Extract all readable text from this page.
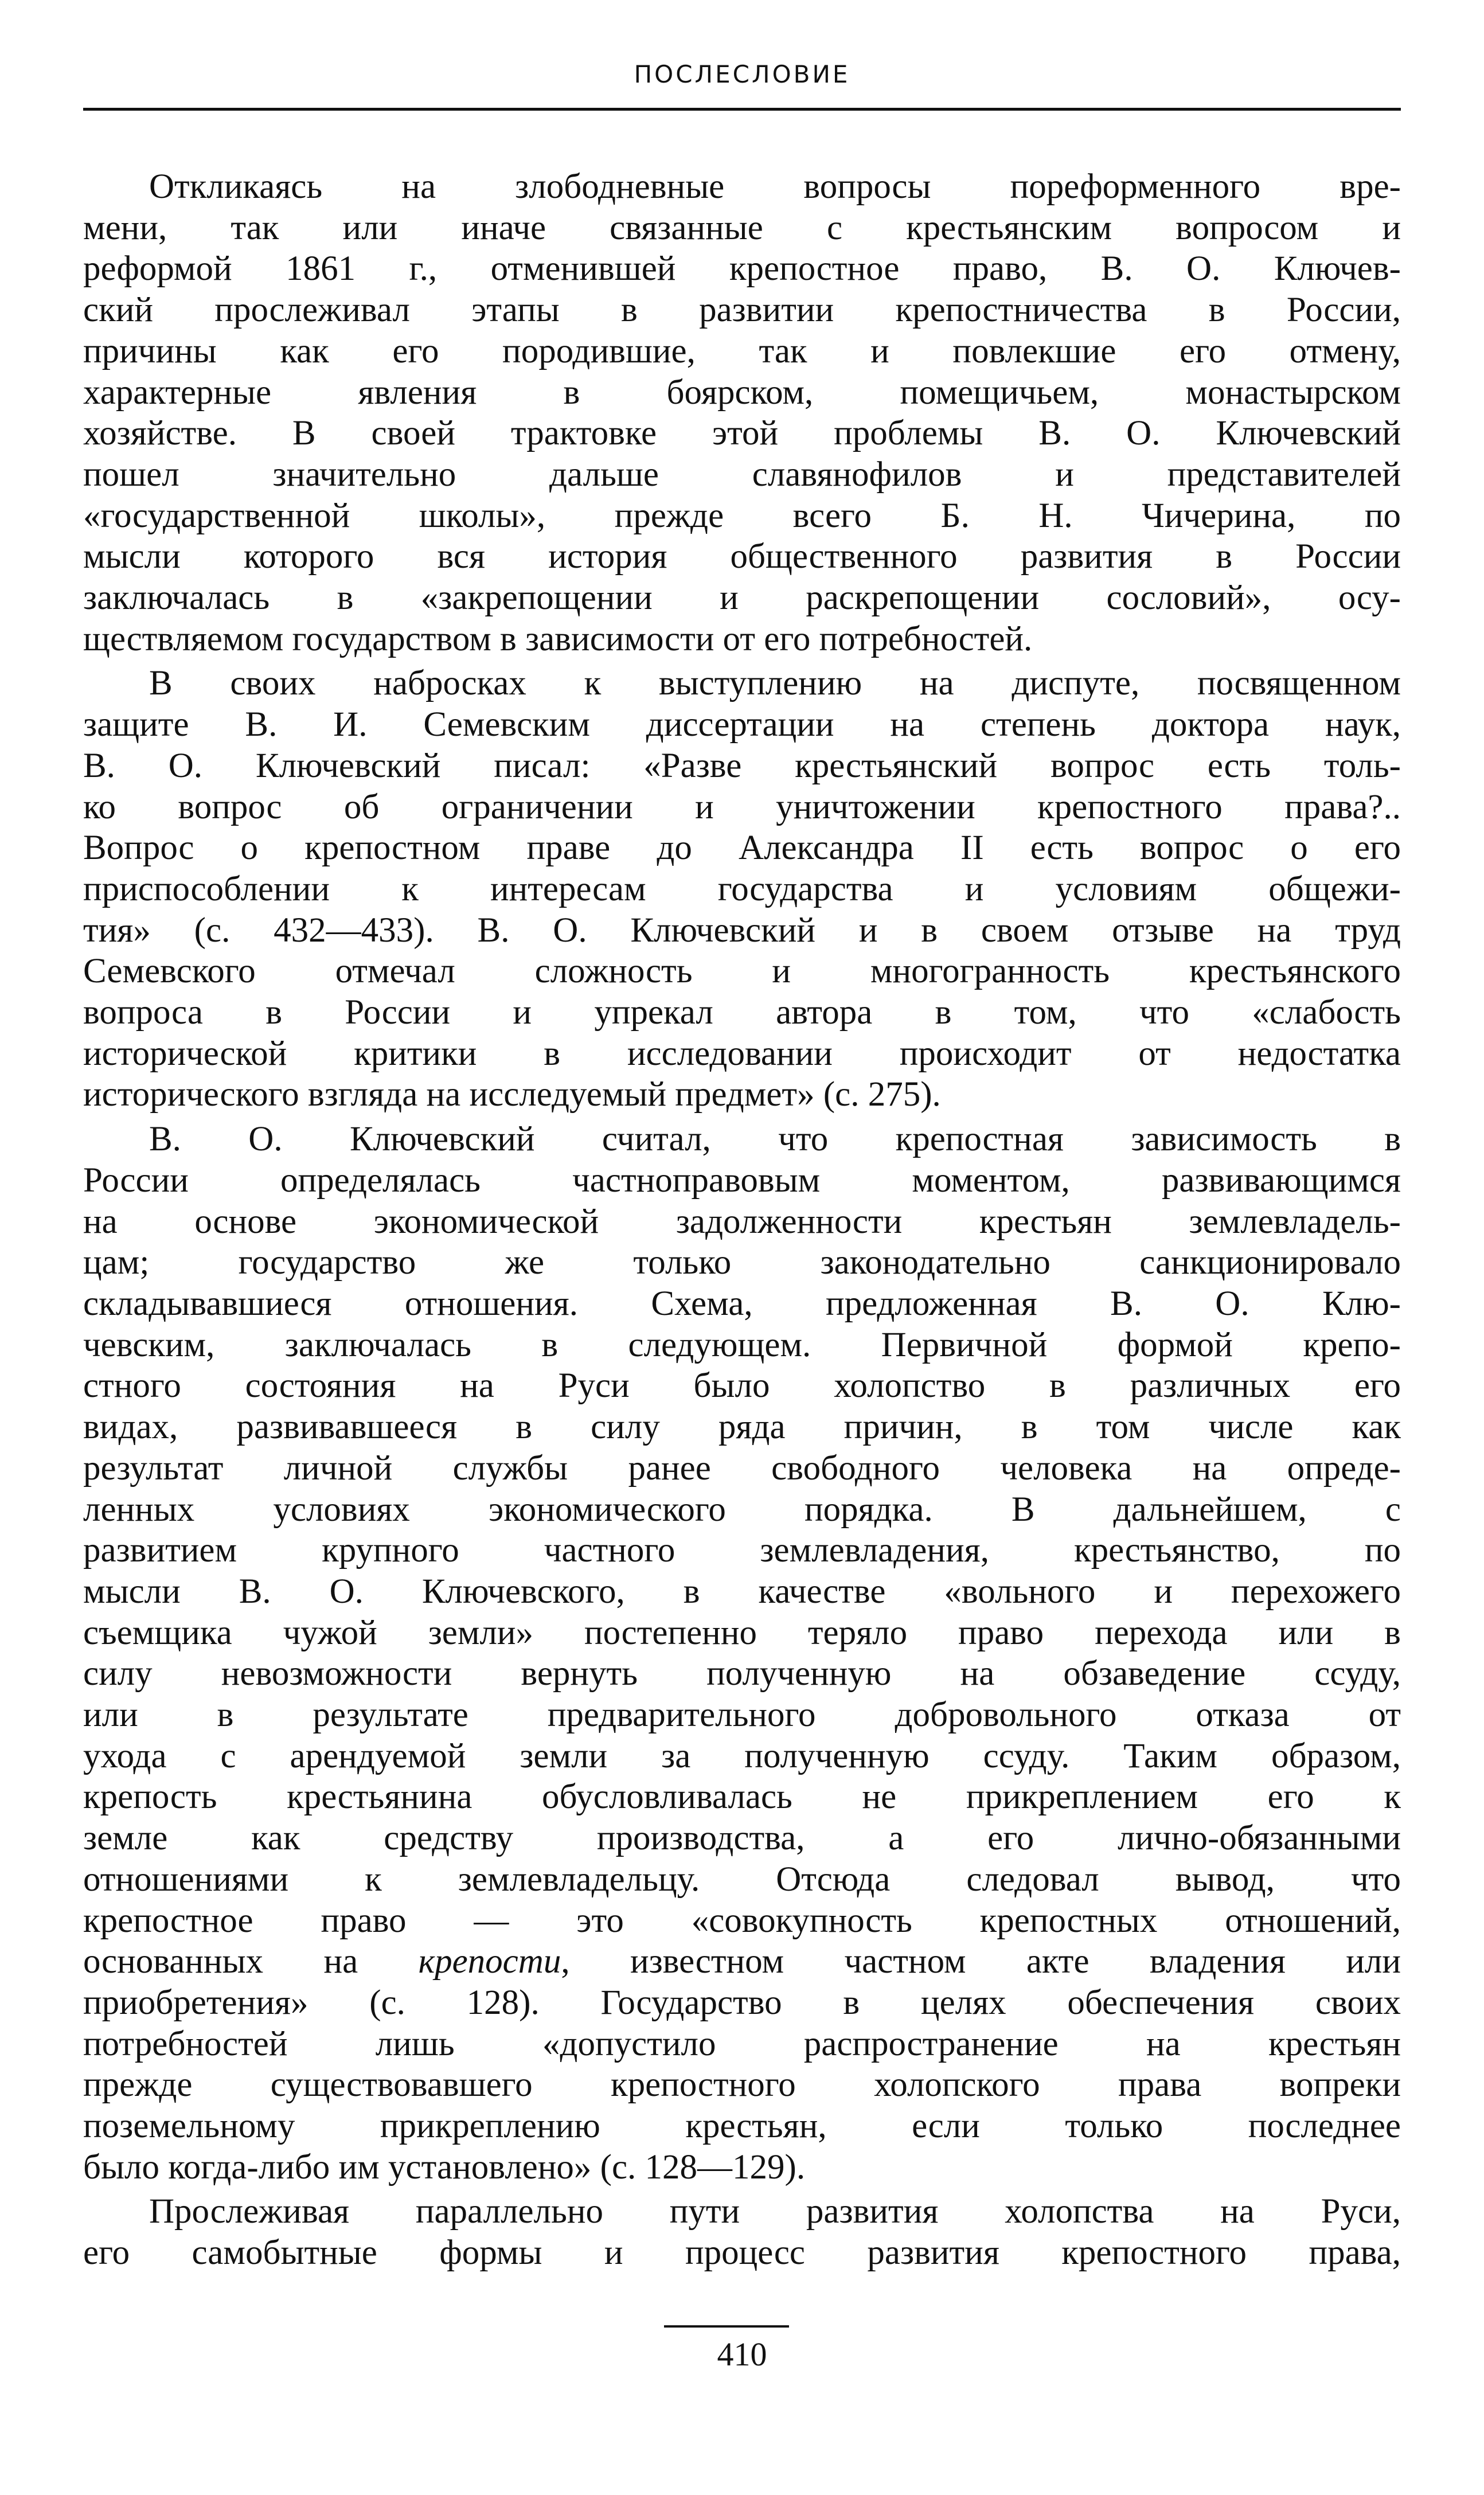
ПОСЛЕСЛОВИЕ

Откликаясь на злободневные вопросы пореформенного вре-
мени, так или иначе связанные с крестьянским вопросом и
реформой 1861 г., отменившей крепостное право, В. О. Ключев-
ский прослеживал этапы в развитии крепостничества в России,
причины как его породившие, так и повлекшие его отмену,
характерные явления в боярском, помещичьем, монастырском
хозяйстве. В своей трактовке этой проблемы В. О. Ключевский
пошел значительно дальше славянофилов и представителей
«государственной школы», прежде всего Б. Н. Чичерина, по
мысли которого вся история общественного развития в России
заключалась в «закрепощении и раскрепощении сословий», осу-
ществляемом государством в зависимости от его потребностей.

В своих набросках к выступлению на диспуте, посвященном
защите В. И. Семевским диссертации на степень доктора наук,
В. О. Ключевский писал: «Разве крестьянский вопрос есть толь-
ко вопрос об ограничении и уничтожении крепостного права?..
Вопрос о крепостном праве до Александра II есть вопрос о его
приспособлении к интересам государства и условиям общежи-
тия» (с. 432—433). В. О. Ключевский и в своем отзыве на труд
Семевского отмечал сложность и многогранность крестьянского
вопроса в России и упрекал автора в том, что «слабость
исторической критики в исследовании происходит от недостатка
исторического взгляда на исследуемый предмет» (с. 275).

В. О. Ключевский считал, что крепостная зависимость в
России определялась частноправовым моментом, развивающимся
на основе экономической задолженности крестьян землевладель-
цам; государство же только законодательно санкционировало
складывавшиеся отношения. Схема, предложенная В. О. Клю-
чевским, заключалась в следующем. Первичной формой крепо-
стного состояния на Руси было холопство в различных его
видах, развивавшееся в силу ряда причин, в том числе как
результат личной службы ранее свободного человека на опреде-
ленных условиях экономического порядка. В дальнейшем, с
развитием крупного частного землевладения, крестьянство, по
мысли В. О. Ключевского, в качестве «вольного и перехожего
съемщика чужой земли» постепенно теряло право перехода или в
силу невозможности вернуть полученную на обзаведение ссуду,
или в результате предварительного добровольного отказа от
ухода с арендуемой земли за полученную ссуду. Таким образом,
крепость крестьянина обусловливалась не прикреплением его к
земле как средству производства, а его лично-обязанными
отношениями к землевладельцу. Отсюда следовал вывод, что
крепостное право — это «совокупность крепостных отношений,
основанных на крепости, известном частном акте владения или
приобретения» (с. 128). Государство в целях обеспечения своих
потребностей лишь «допустило распространение на крестьян
прежде существовавшего крепостного холопского права вопреки
поземельному прикреплению крестьян, если только последнее
было когда-либо им установлено» (с. 128—129).

Прослеживая параллельно пути развития холопства на Руси,
его самобытные формы и процесс развития крепостного права,

410
